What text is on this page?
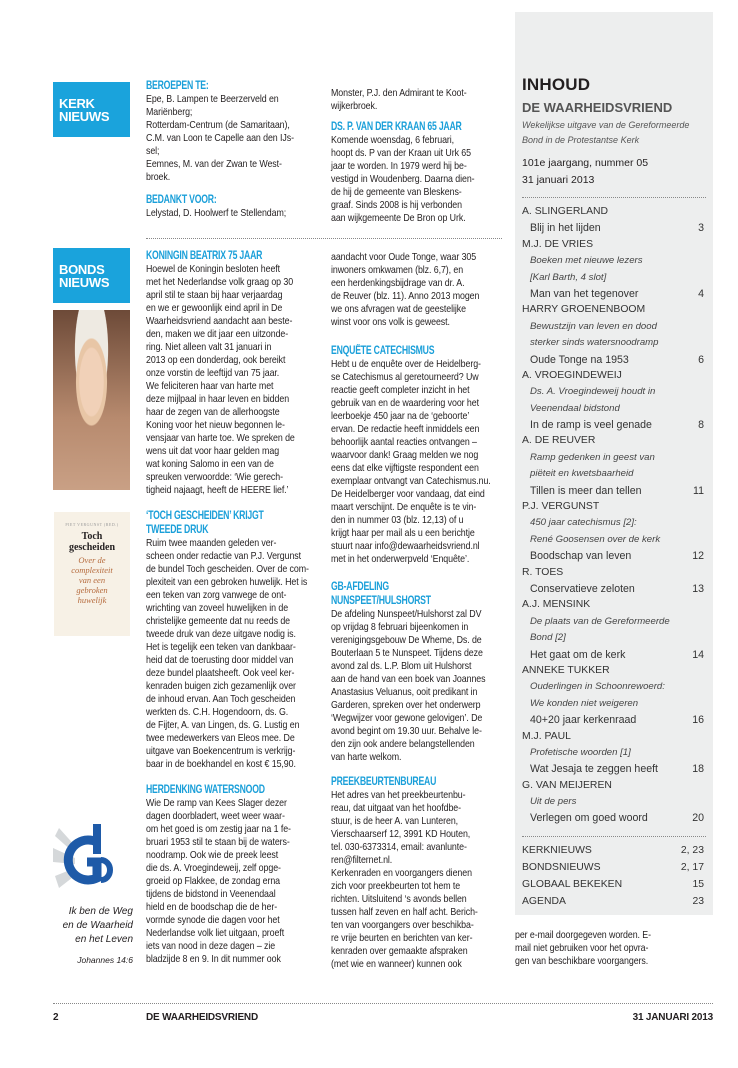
KERK
NIEUWS
BONDS
NIEUWS
PIET VERGUNST (RED.)
Toch
gescheiden
Over de
complexiteit
van een
gebroken
huwelijk
Ik ben de Weg
en de Waarheid
en het Leven
Johannes 14:6
BEROEPEN TE:

Epe, B. Lampen te Beerzerveld en
Mariënberg;
Rotterdam-Centrum (de Samaritaan),
C.M. van Loon te Capelle aan den IJs-
sel;
Eemnes, M. van der Zwan te West-
broek.

BEDANKT VOOR:

Lelystad, D. Hoolwerf te Stellendam;

Monster, P.J. den Admirant te Koot-
wijkerbroek.

DS. P. VAN DER KRAAN 65 JAAR

Komende woensdag, 6 februari,
hoopt ds. P van der Kraan uit Urk 65
jaar te worden. In 1979 werd hij be-
vestigd in Woudenberg. Daarna dien-
de hij de gemeente van Bleskens-
graaf. Sinds 2008 is hij verbonden
aan wijkgemeente De Bron op Urk.

KONINGIN BEATRIX 75 JAAR

Hoewel de Koningin besloten heeft
met het Nederlandse volk graag op 30
april stil te staan bij haar verjaardag
en we er gewoonlijk eind april in De
Waarheidsvriend aandacht aan beste-
den, maken we dit jaar een uitzonde-
ring. Niet alleen valt 31 januari in
2013 op een donderdag, ook bereikt
onze vorstin de leeftijd van 75 jaar.
We feliciteren haar van harte met
deze mijlpaal in haar leven en bidden
haar de zegen van de allerhoogste
Koning voor het nieuw begonnen le-
vensjaar van harte toe. We spreken de
wens uit dat voor haar gelden mag
wat koning Salomo in een van de
spreuken verwoordde: ‘Wie gerech-
tigheid najaagt, heeft de HEERE lief.’

‘TOCH GESCHEIDEN’ KRIJGT
TWEEDE DRUK

Ruim twee maanden geleden ver-
scheen onder redactie van P.J. Vergunst
de bundel Toch gescheiden. Over de com-
plexiteit van een gebroken huwelijk. Het is
een teken van zorg vanwege de ont-
wrichting van zoveel huwelijken in de
christelijke gemeente dat nu reeds de
tweede druk van deze uitgave nodig is.
Het is tegelijk een teken van dankbaar-
heid dat de toerusting door middel van
deze bundel plaatsheeft. Ook veel ker-
kenraden buigen zich gezamenlijk over
de inhoud ervan. Aan Toch gescheiden
werkten ds. C.H. Hogendoorn, ds. G.
de Fijter, A. van Lingen, ds. G. Lustig en
twee medewerkers van Eleos mee. De
uitgave van Boekencentrum is verkrijg-
baar in de boekhandel en kost € 15,90.

HERDENKING WATERSNOOD

Wie De ramp van Kees Slager dezer
dagen doorbladert, weet weer waar-
om het goed is om zestig jaar na 1 fe-
bruari 1953 stil te staan bij de waters-
noodramp. Ook wie de preek leest
die ds. A. Vroegindeweij, zelf opge-
groeid op Flakkee, de zondag erna
tijdens de bidstond in Veenendaal
hield en de boodschap die de her-
vormde synode die dagen voor het
Nederlandse volk liet uitgaan, proeft
iets van nood in deze dagen – zie
bladzijde 8 en 9. In dit nummer ook

aandacht voor Oude Tonge, waar 305
inwoners omkwamen (blz. 6,7), en
een herdenkingsbijdrage van dr. A.
de Reuver (blz. 11). Anno 2013 mogen
we ons afvragen wat de geestelijke
winst voor ons volk is geweest.

ENQUÊTE CATECHISMUS

Hebt u de enquête over de Heidelberg-
se Catechismus al geretourneerd? Uw
reactie geeft completer inzicht in het
gebruik van en de waardering voor het
leerboekje 450 jaar na de ‘geboorte’
ervan. De redactie heeft inmiddels een
behoorlijk aantal reacties ontvangen –
waarvoor dank! Graag melden we nog
eens dat elke vijftigste respondent een
exemplaar ontvangt van Catechismus.nu.
De Heidelberger voor vandaag, dat eind
maart verschijnt. De enquête is te vin-
den in nummer 03 (blz. 12,13) of u
krijgt haar per mail als u een berichtje
stuurt naar info@dewaarheidsvriend.nl
met in het onderwerpveld ‘Enquête’.

GB-AFDELING
NUNSPEET/HULSHORST

De afdeling Nunspeet/Hulshorst zal DV
op vrijdag 8 februari bijeenkomen in
verenigingsgebouw De Wheme, Ds. de
Bouterlaan 5 te Nunspeet. Tijdens deze
avond zal ds. L.P. Blom uit Hulshorst
aan de hand van een boek van Joannes
Anastasius Veluanus, ooit predikant in
Garderen, spreken over het onderwerp
‘Wegwijzer voor gewone gelovigen’. De
avond begint om 19.30 uur. Behalve le-
den zijn ook andere belangstellenden
van harte welkom.

PREEKBEURTENBUREAU

Het adres van het preekbeurtenbu-
reau, dat uitgaat van het hoofdbe-
stuur, is de heer A. van Lunteren,
Vierschaarserf 12, 3991 KD Houten,
tel. 030-6373314, email: avanlunte-
ren@filternet.nl.
Kerkenraden en voorgangers dienen
zich voor preekbeurten tot hem te
richten. Uitsluitend ‘s avonds bellen
tussen half zeven en half acht. Berich-
ten van voorgangers over beschikba-
re vrije beurten en berichten van ker-
kenraden over gemaakte afspraken
(met wie en wanneer) kunnen ook

per e-mail doorgegeven worden. E-
mail niet gebruiken voor het opvra-
gen van beschikbare voorgangers.

INHOUD
DE WAARHEIDSVRIEND
Wekelijkse uitgave van de Gereformeerde
Bond in de Protestantse Kerk
101e jaargang, nummer 05
31 januari 2013
A. SLINGERLAND
Blij in het lijden	3
M.J. DE VRIES
Boeken met nieuwe lezers
[Karl Barth, 4 slot]
Man van het tegenover	4
HARRY GROENENBOOM
Bewustzijn van leven en dood
sterker sinds watersnoodramp
Oude Tonge na 1953	6
A. VROEGINDEWEIJ
Ds. A. Vroegindeweij houdt in
Veenendaal bidstond
In de ramp is veel genade	8
A. DE REUVER
Ramp gedenken in geest van
piëteit en kwetsbaarheid
Tillen is meer dan tellen	11
P.J. VERGUNST
450 jaar catechismus [2]:
René Goosensen over de kerk
Boodschap van leven	12
R. TOES
Conservatieve zeloten	13
A.J. MENSINK
De plaats van de Gereformeerde
Bond [2]
Het gaat om de kerk	14
ANNEKE TUKKER
Ouderlingen in Schoonrewoerd:
We konden niet weigeren
40+20 jaar kerkenraad	16
M.J. PAUL
Profetische woorden [1]
Wat Jesaja te zeggen heeft	18
G. VAN MEIJEREN
Uit de pers
Verlegen om goed woord	20
KERKNIEUWS	2, 23
BONDSNIEUWS	2, 17
GLOBAAL BEKEKEN	15
AGENDA	23
2	DE WAARHEIDSVRIEND	31 JANUARI 2013
